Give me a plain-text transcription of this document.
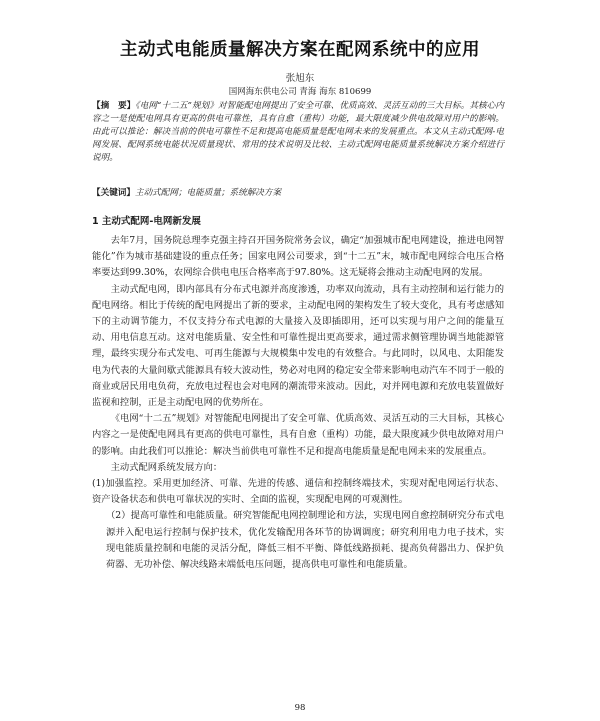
主动式电能质量解决方案在配网系统中的应用
张旭东
国网海东供电公司 青海 海东 810699
【摘　要】《电网“十二五”规划》对智能配电网提出了安全可靠、优质高效、灵活互动的三大目标。其核心内容之一是使配电网具有更高的供电可靠性，具有自愈（重构）功能，最大限度减少供电故障对用户的影响。由此可以推论：解决当前的供电可靠性不足和提高电能质量是配电网未来的发展重点。本文从主动式配网-电网发展、配网系统电能状况质量现状、常用的技术说明及比较、主动式配网电能质量系统解决方案介绍进行说明。
【关键词】主动式配网；电能质量；系统解决方案
1 主动式配网-电网新发展

去年7月，国务院总理李克强主持召开国务院常务会议，确定“加强城市配电网建设，推进电网智能化”作为城市基础建设的重点任务；国家电网公司要求，到“十二五”末，城市配电网综合电压合格率要达到99.30%，农网综合供电电压合格率高于97.80%。这无疑将会推动主动配电网的发展。

主动式配电网，即内部具有分布式电源并高度渗透，功率双向流动，具有主动控制和运行能力的配电网络。相比于传统的配电网提出了新的要求，主动配电网的架构发生了较大变化，具有考虑感知下的主动调节能力，不仅支持分布式电源的大量接入及即插即用，还可以实现与用户之间的能量互动、用电信息互动。这对电能质量、安全性和可靠性提出更高要求，通过需求侧管理协调当地能源管理，最终实现分布式发电、可再生能源与大规模集中发电的有效整合。与此同时，以风电、太阳能发电为代表的大量间歇式能源具有较大波动性，势必对电网的稳定安全带来影响电动汽车不同于一般的商业或居民用电负荷，充放电过程也会对电网的潮流带来波动。因此，对并网电源和充放电装置做好监视和控制，正是主动配电网的优势所在。

《电网“十二五”规划》对智能配电网提出了安全可靠、优质高效、灵活互动的三大目标，其核心内容之一是使配电网具有更高的供电可靠性，具有自愈（重构）功能，最大限度减少供电故障对用户的影响。由此我们可以推论：解决当前供电可靠性不足和提高电能质量是配电网未来的发展重点。

主动式配网系统发展方向：

(1)加强监控。采用更加经济、可靠、先进的传感、通信和控制终端技术，实现对配电网运行状态、资产设备状态和供电可靠状况的实时、全面的监视，实现配电网的可观测性。

（2）提高可靠性和电能质量。研究智能配电网控制理论和方法，实现电网自愈控制研究分布式电源并入配电运行控制与保护技术，优化发输配用各环节的协调调度；研究利用电力电子技术，实现电能质量控制和电能的灵活分配，降低三相不平衡、降低线路损耗、提高负荷器出力、保护负荷器、无功补偿、解决线路末端低电压问题，提高供电可靠性和电能质量。

98
